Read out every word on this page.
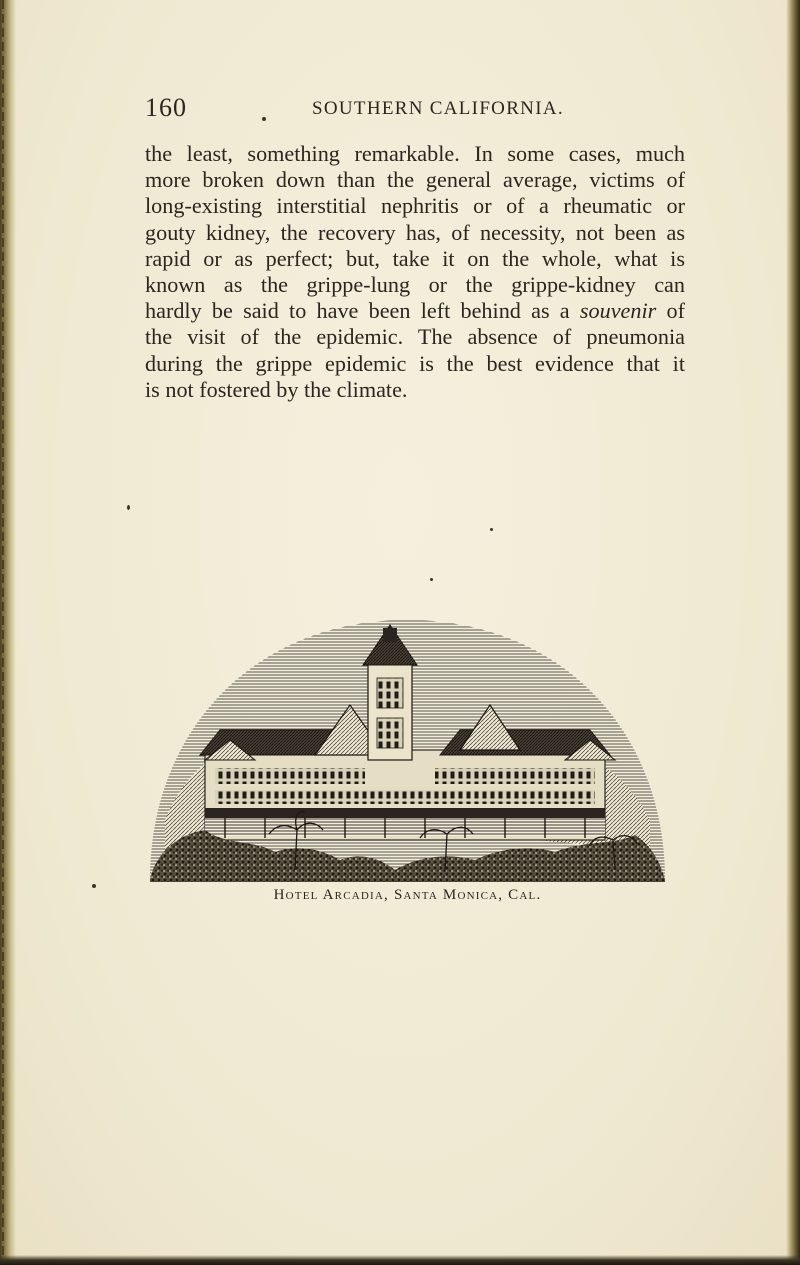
160	SOUTHERN CALIFORNIA.
the least, something remarkable. In some cases, much
more broken down than the general average, victims of
long-existing interstitial nephritis or of a rheumatic or
gouty kidney, the recovery has, of necessity, not been as
rapid or as perfect; but, take it on the whole, what is
known as the grippe-lung or the grippe-kidney can
hardly be said to have been left behind as a souvenir of
the visit of the epidemic. The absence of pneumonia
during the grippe epidemic is the best evidence that it
is not fostered by the climate.
Hotel Arcadia, Santa Monica, Cal.
